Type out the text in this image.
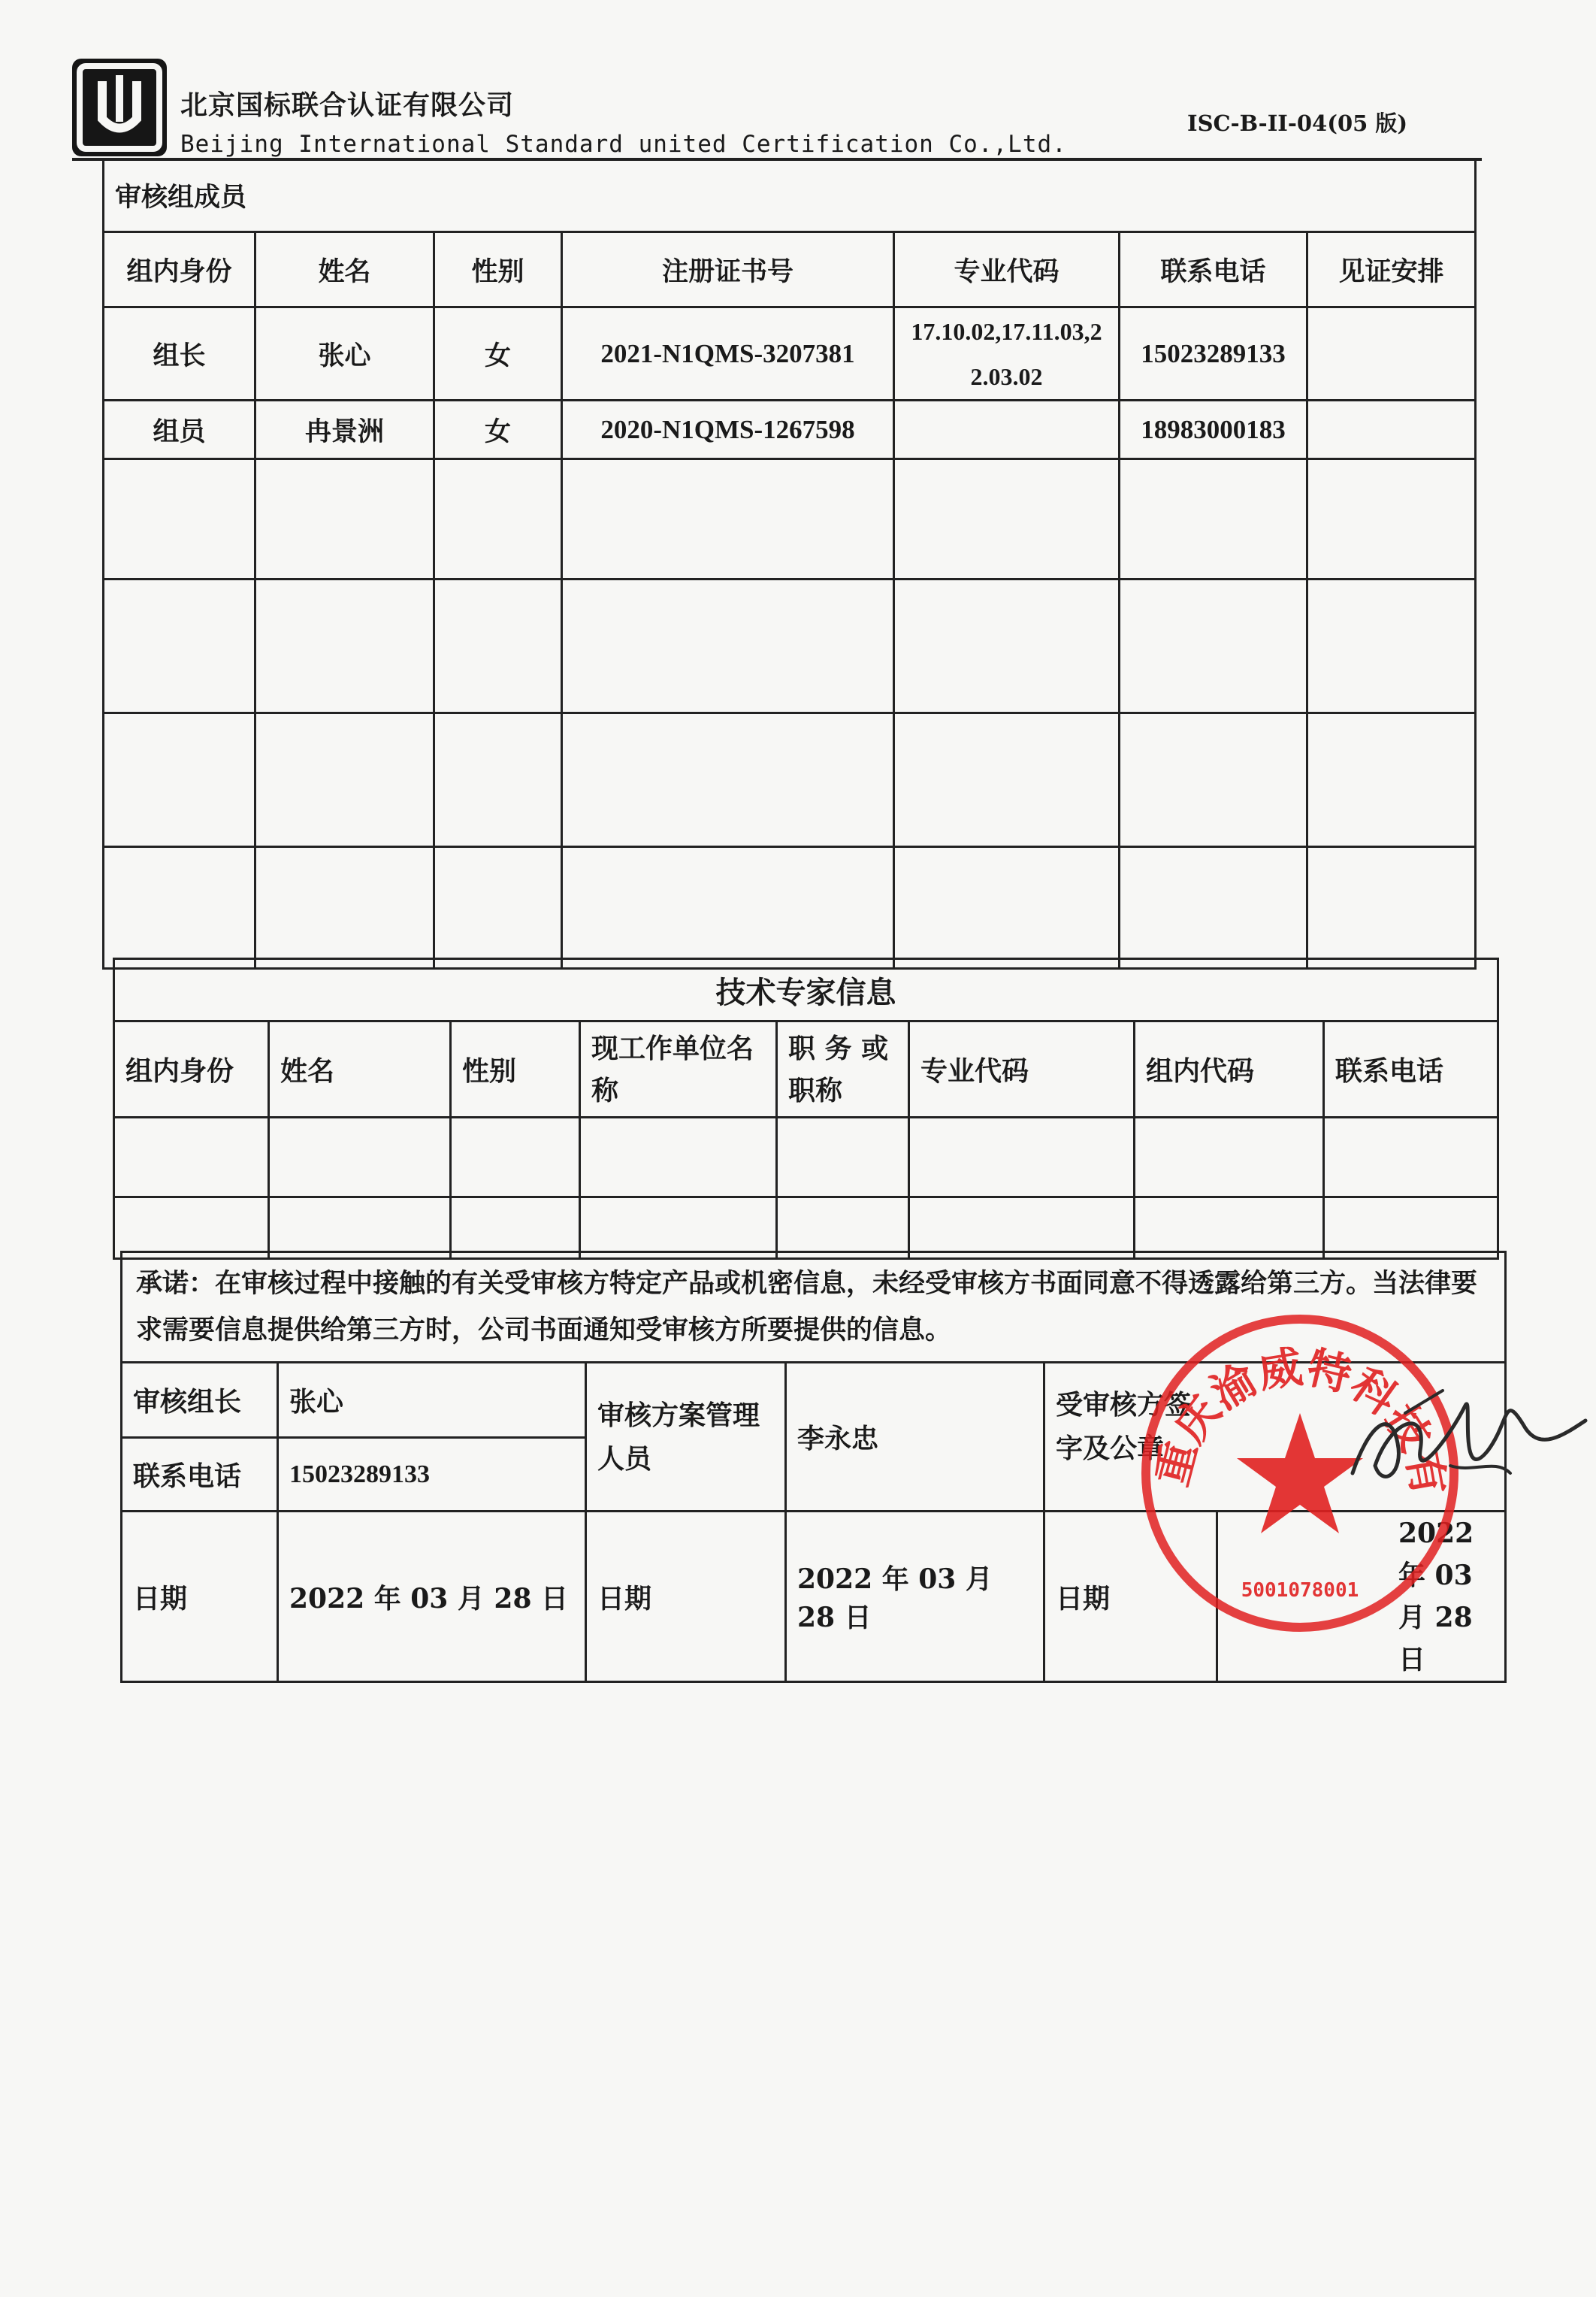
北京国标联合认证有限公司
Beijing International Standard united Certification Co.,Ltd.
ISC-B-II-04(05 版)
审核组成员						
组内身份	姓名	性别	注册证书号	专业代码	联系电话	见证安排
组长	张心	女	2021-N1QMS-3207381	17.10.02,17.11.03,22.03.02	15023289133	
组员	冉景洲	女	2020-N1QMS-1267598		18983000183	

技术专家信息							
组内身份	姓名	性别	现工作单位名称	职 务 或 职称	专业代码	组内代码	联系电话

承诺：在审核过程中接触的有关受审核方特定产品或机密信息，未经受审核方书面同意不得透露给第三方。当法律要求需要信息提供给第三方时，公司书面通知受审核方所要提供的信息。					
审核组长	张心	审核方案管理人员	李永忠	受审核方签字及公章	

联系电话	15023289133				
日期	2022 年 03 月 28 日	日期	2022 年 03 月 28 日	日期	2022 年 03 月 28 日
重庆渝威特科技有
5001078001
